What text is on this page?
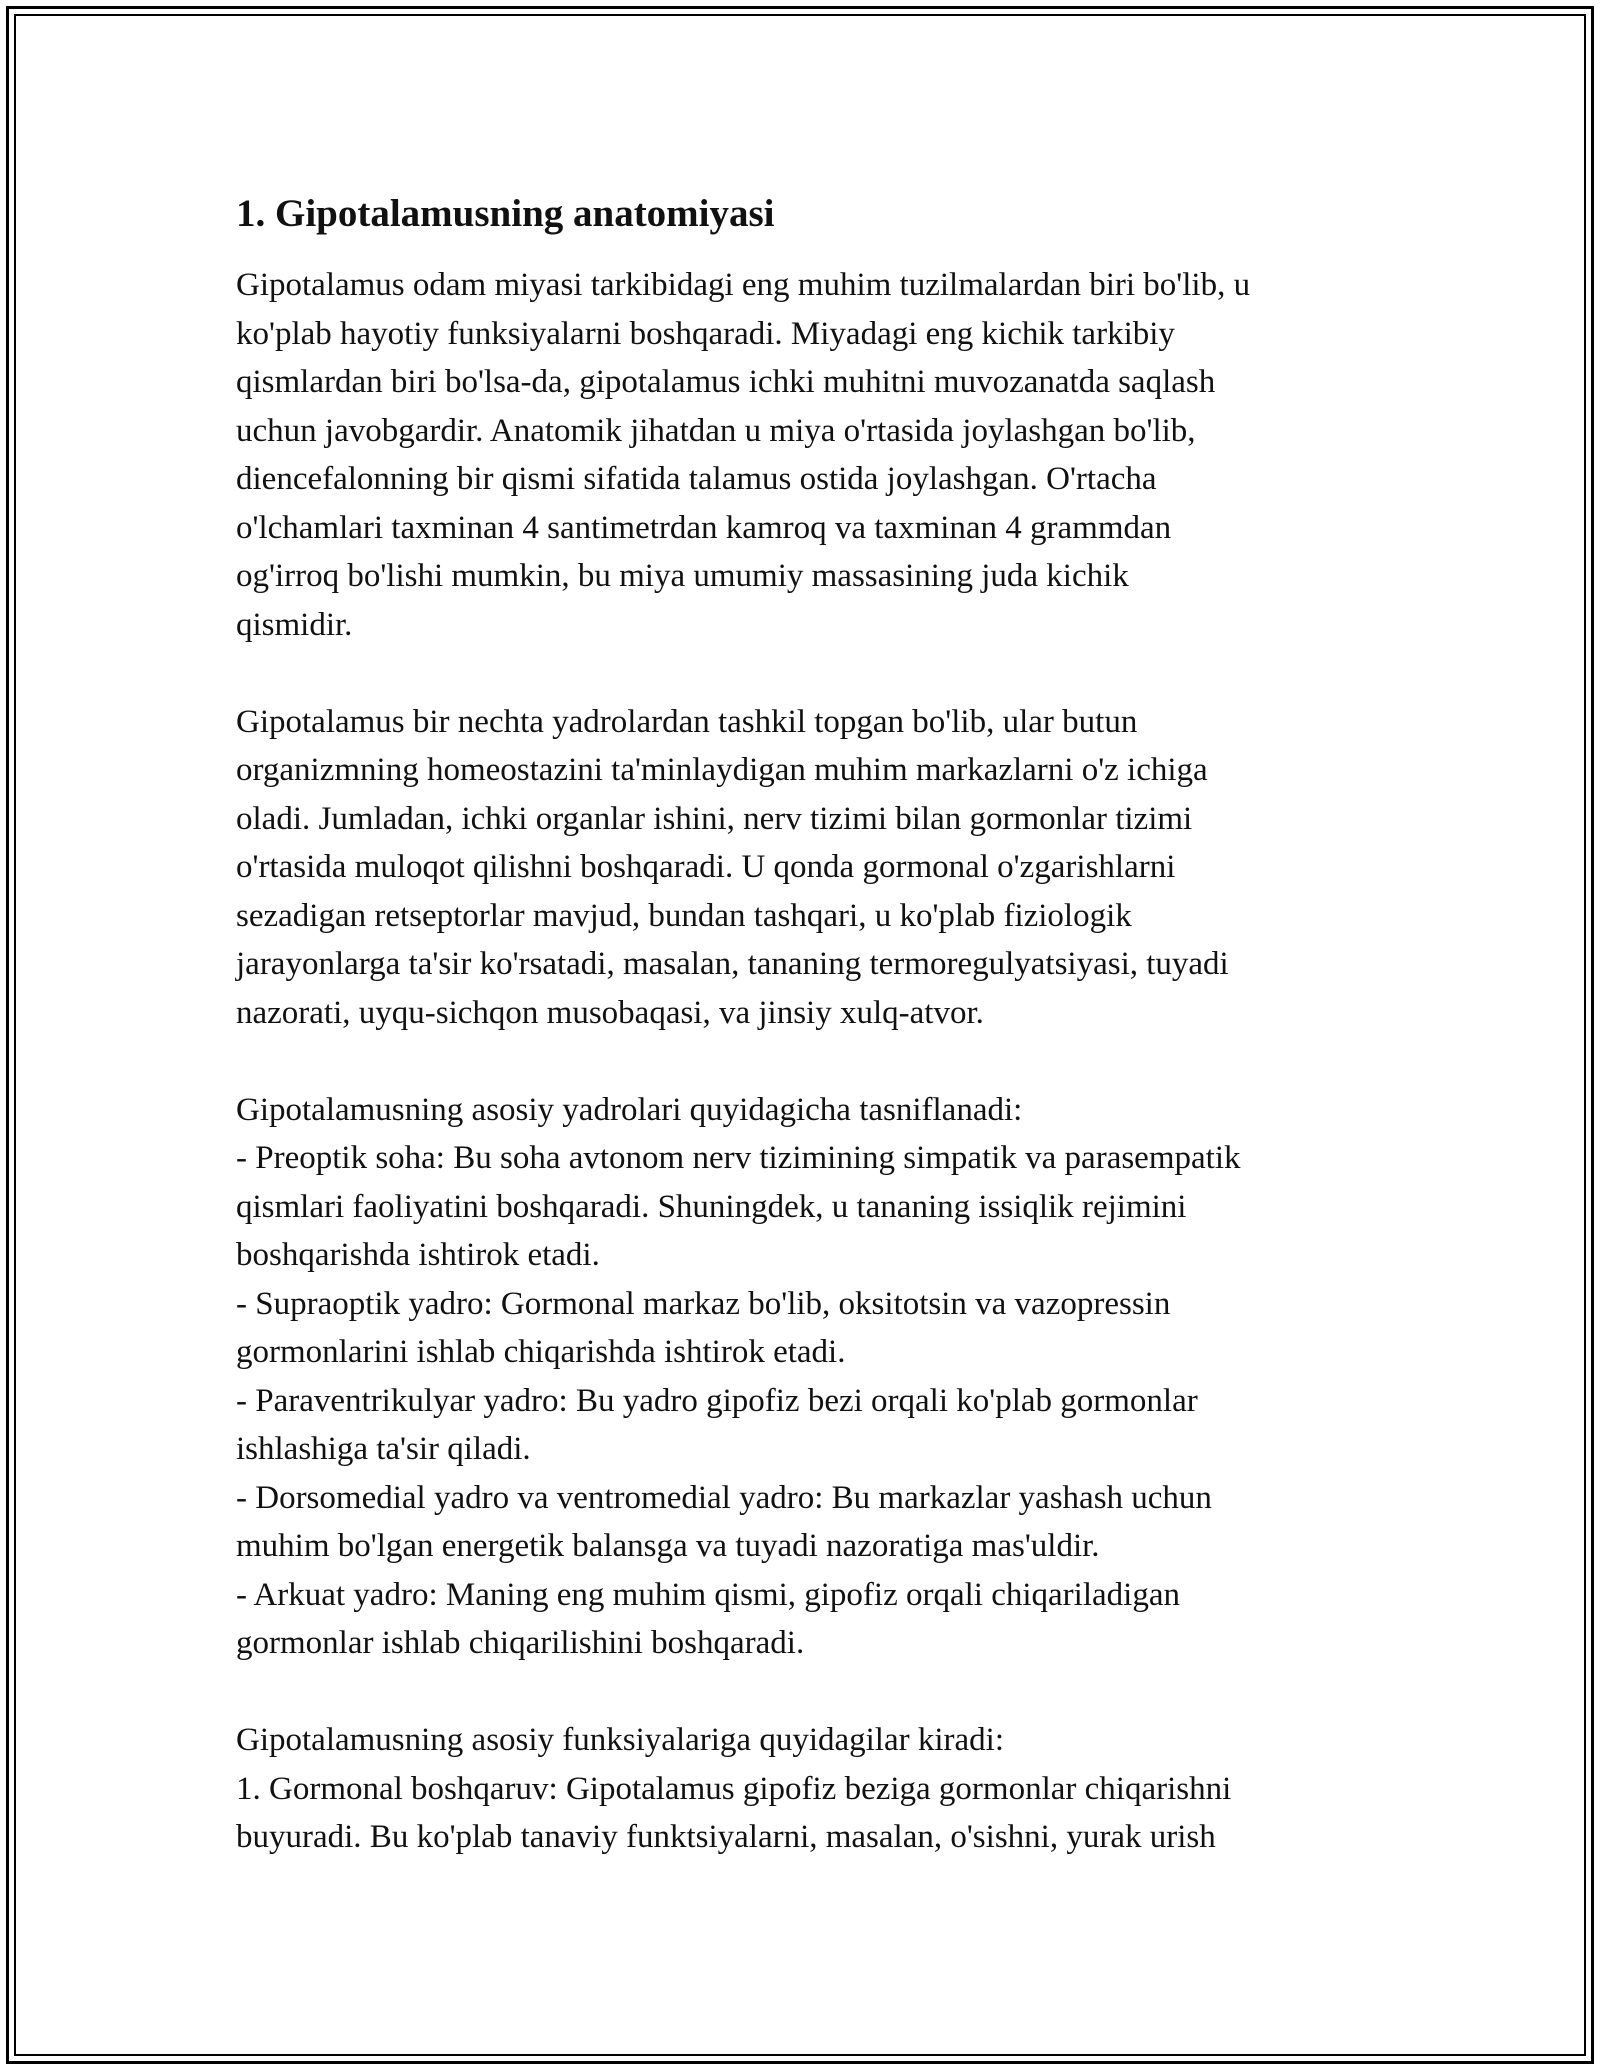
1. Gipotalamusning anatomiyasi

Gipotalamus odam miyasi tarkibidagi eng muhim tuzilmalardan biri bo'lib, u
ko'plab hayotiy funksiyalarni boshqaradi. Miyadagi eng kichik tarkibiy
qismlardan biri bo'lsa-da, gipotalamus ichki muhitni muvozanatda saqlash
uchun javobgardir. Anatomik jihatdan u miya o'rtasida joylashgan bo'lib,
diencefalonning bir qismi sifatida talamus ostida joylashgan. O'rtacha
o'lchamlari taxminan 4 santimetrdan kamroq va taxminan 4 grammdan
og'irroq bo'lishi mumkin, bu miya umumiy massasining juda kichik
qismidir.

Gipotalamus bir nechta yadrolardan tashkil topgan bo'lib, ular butun
organizmning homeostazini ta'minlaydigan muhim markazlarni o'z ichiga
oladi. Jumladan, ichki organlar ishini, nerv tizimi bilan gormonlar tizimi
o'rtasida muloqot qilishni boshqaradi. U qonda gormonal o'zgarishlarni
sezadigan retseptorlar mavjud, bundan tashqari, u ko'plab fiziologik
jarayonlarga ta'sir ko'rsatadi, masalan, tananing termoregulyatsiyasi, tuyadi
nazorati, uyqu-sichqon musobaqasi, va jinsiy xulq-atvor.

Gipotalamusning asosiy yadrolari quyidagicha tasniflanadi:
- Preoptik soha: Bu soha avtonom nerv tizimining simpatik va parasempatik
qismlari faoliyatini boshqaradi. Shuningdek, u tananing issiqlik rejimini
boshqarishda ishtirok etadi.
- Supraoptik yadro: Gormonal markaz bo'lib, oksitotsin va vazopressin
gormonlarini ishlab chiqarishda ishtirok etadi.
- Paraventrikulyar yadro: Bu yadro gipofiz bezi orqali ko'plab gormonlar
ishlashiga ta'sir qiladi.
- Dorsomedial yadro va ventromedial yadro: Bu markazlar yashash uchun
muhim bo'lgan energetik balansga va tuyadi nazoratiga mas'uldir.
- Arkuat yadro: Maning eng muhim qismi, gipofiz orqali chiqariladigan
gormonlar ishlab chiqarilishini boshqaradi.

Gipotalamusning asosiy funksiyalariga quyidagilar kiradi:
1. Gormonal boshqaruv: Gipotalamus gipofiz beziga gormonlar chiqarishni
buyuradi. Bu ko'plab tanaviy funktsiyalarni, masalan, o'sishni, yurak urish
